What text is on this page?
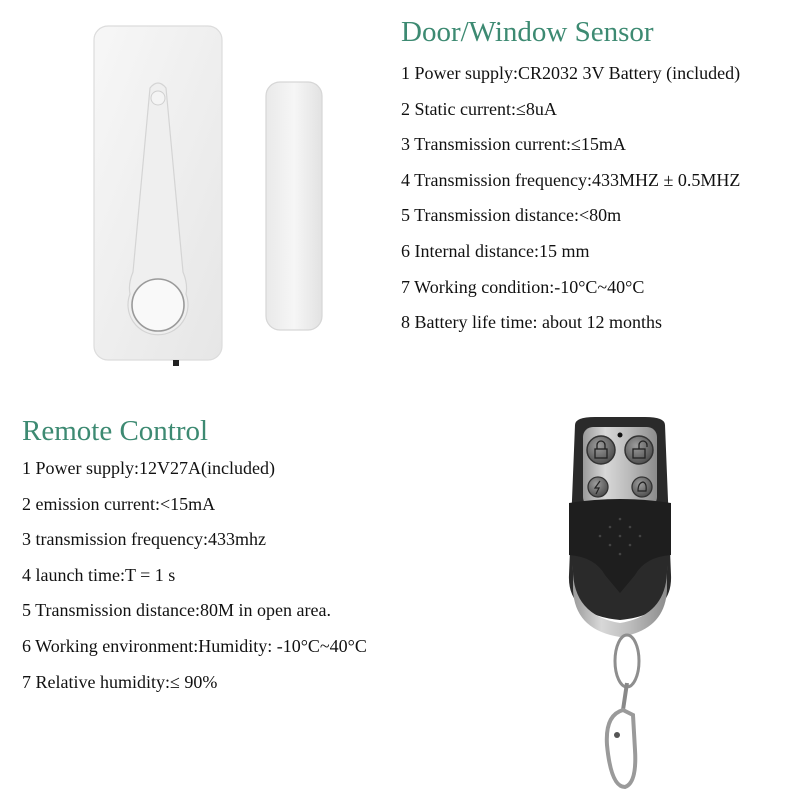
Door/Window Sensor
1 Power supply:CR2032 3V Battery (included)
2 Static current:≤8uA
3 Transmission current:≤15mA
4 Transmission frequency:433MHZ ± 0.5MHZ
5 Transmission distance:<80m
6 Internal distance:15 mm
7 Working condition:-10°C~40°C
8 Battery life time: about 12 months
Remote Control
1 Power supply:12V27A(included)
2 emission current:<15mA
3 transmission frequency:433mhz
4 launch time:T = 1 s
5 Transmission distance:80M in open area.
6 Working environment:Humidity: -10°C~40°C
7 Relative humidity:≤ 90%
